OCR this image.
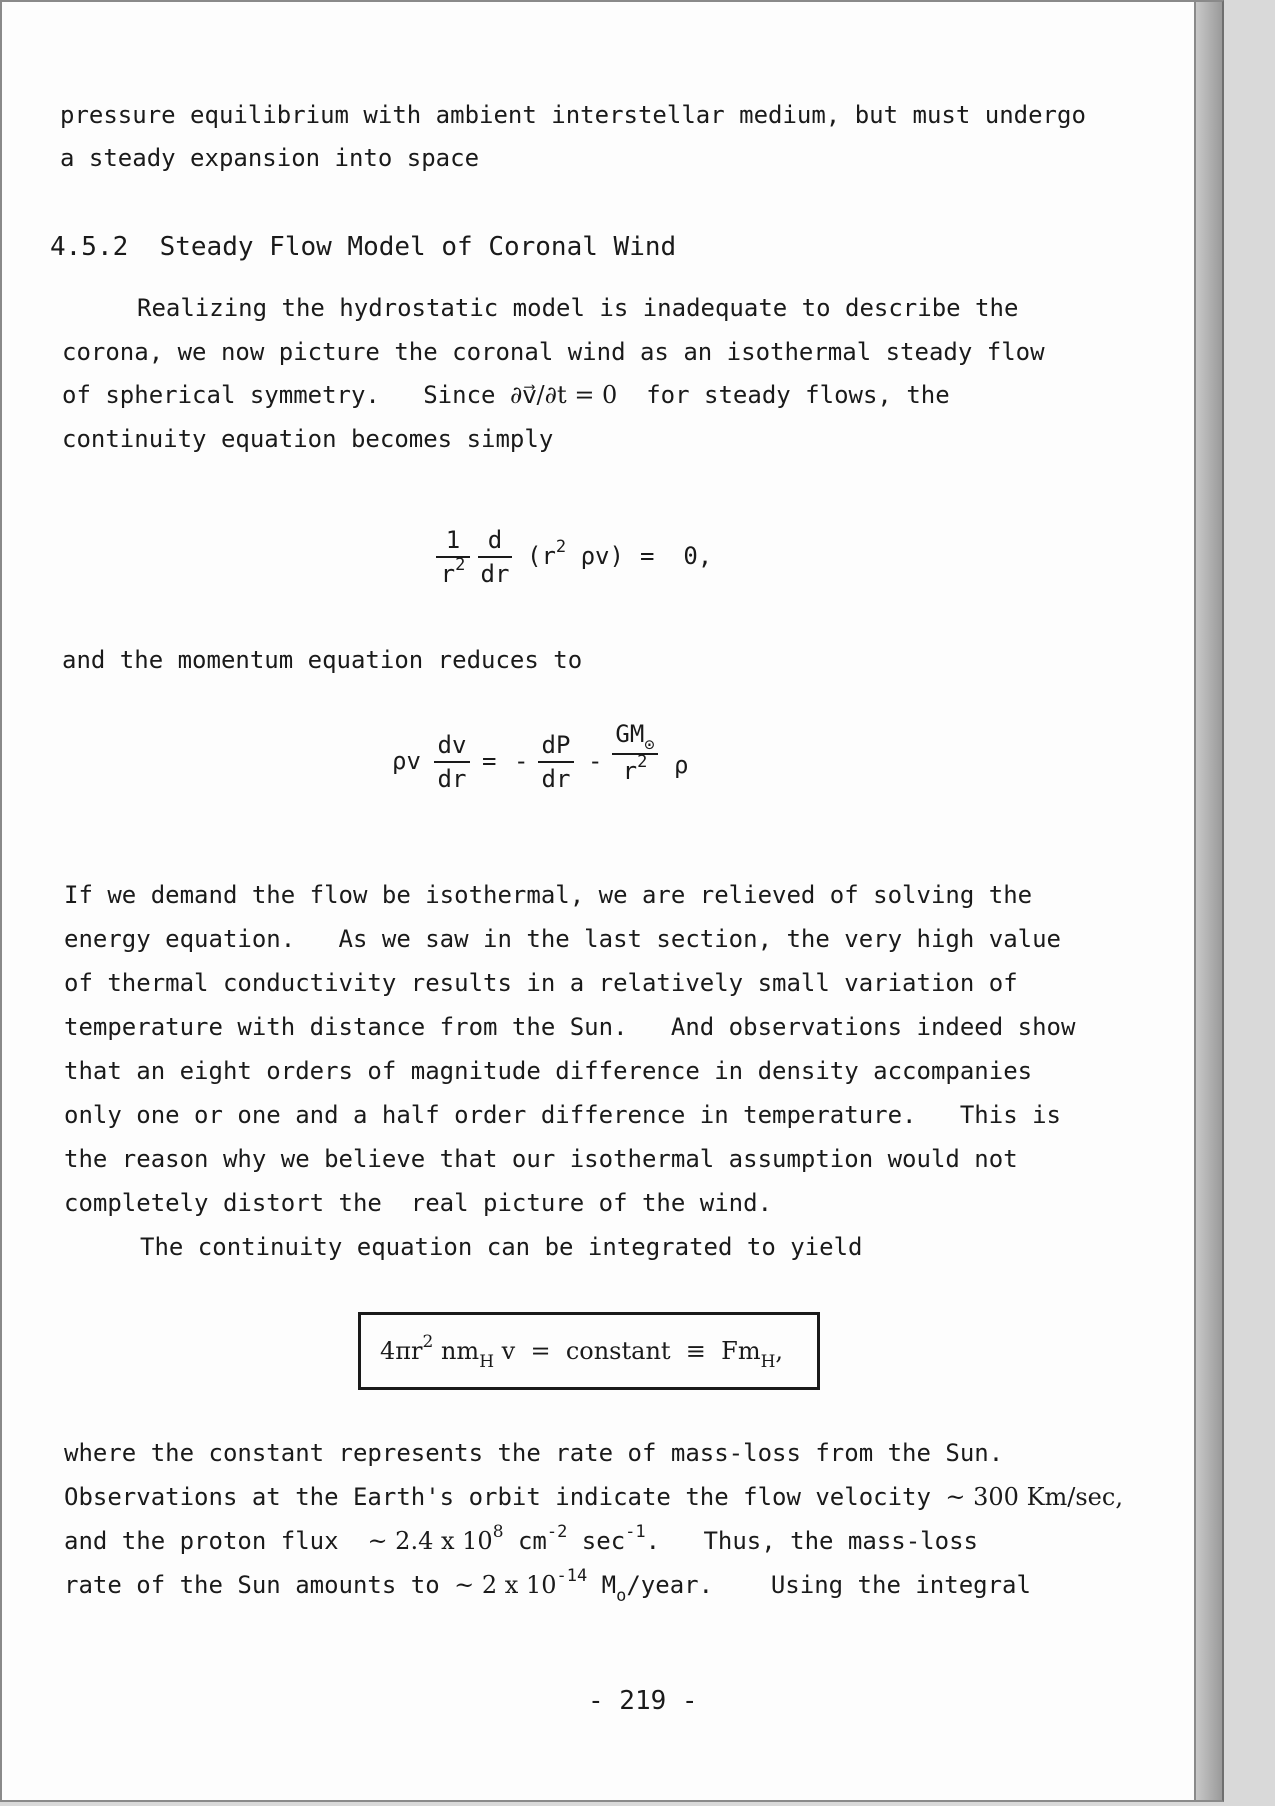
pressure equilibrium with ambient interstellar medium, but must undergo
a steady expansion into space
4.5.2 Steady Flow Model of Coronal Wind
Realizing the hydrostatic model is inadequate to describe the
corona, we now picture the coronal wind as an isothermal steady flow
of spherical symmetry.   Since ∂v⃗/∂t = 0  for steady flows, the
continuity equation becomes simply
1
$r^2$
d
dr
($r^2$ ρv) =  0,
and the momentum equation reduces to
ρv
dv
dr
= -
dP
dr
-
$GM_⊙$
$r^2$	ρ
If we demand the flow be isothermal, we are relieved of solving the
energy equation.   As we saw in the last section, the very high value
of thermal conductivity results in a relatively small variation of
temperature with distance from the Sun.   And observations indeed show
that an eight orders of magnitude difference in density accompanies
only one or one and a half order difference in temperature.   This is
the reason why we believe that our isothermal assumption would not
completely distort the  real picture of the wind.
The continuity equation can be integrated to yield
$4\pi r^2$ $nm_H$ v  =  constant  ≡  $Fm_H$,
where the constant represents the rate of mass-loss from the Sun.
Observations at the Earth's orbit indicate the flow velocity ~ 300 Km/sec,
and the proton flux  ~ 2.4 x $10^8$ $cm^{-2}$ $\sec^{-1}$.   Thus, the mass-loss
rate of the Sun amounts to ~ 2 x $10^{-14}$ $M_o$/year.    Using the integral
- 219 -
